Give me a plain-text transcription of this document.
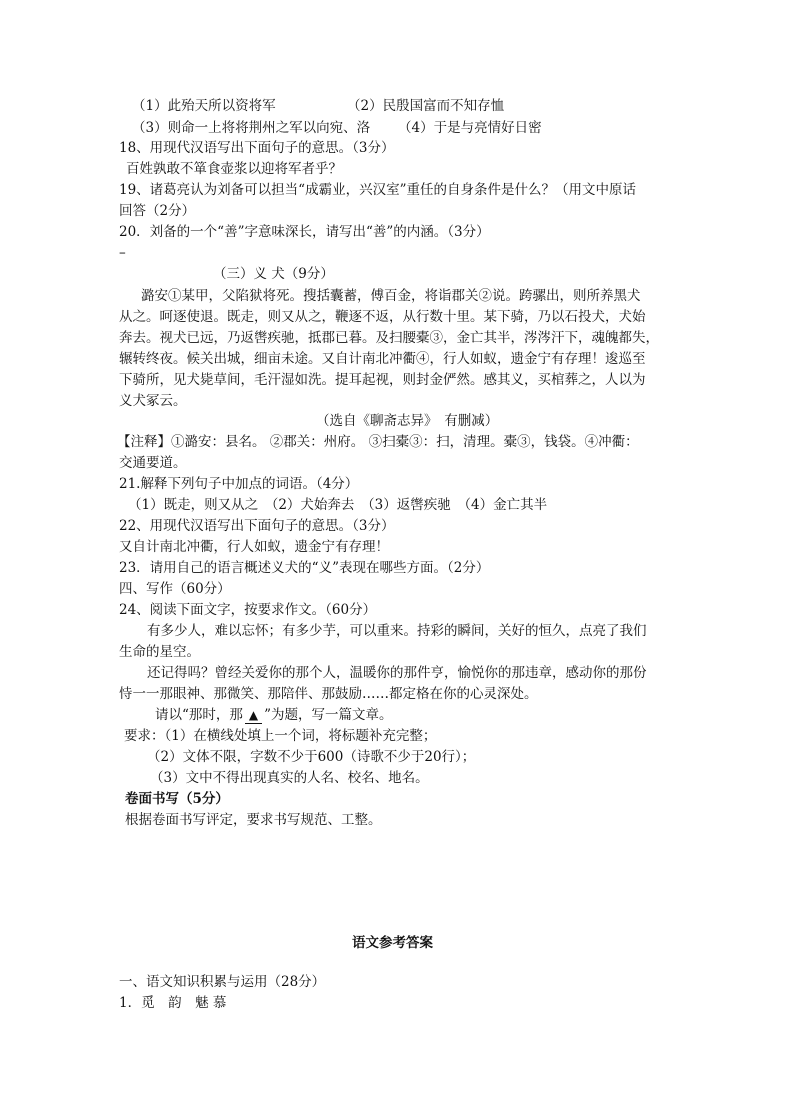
（1）此殆天所以资将军	（2）民殷国富而不知存恤
（3）则命一上将将荆州之军以向宛、洛 （4）于是与亮情好日密
18、用现代汉语写出下面句子的意思。（3分）
百姓孰敢不箪食壶浆以迎将军者乎？
19、诸葛亮认为刘备可以担当“成霸业，兴汉室”重任的自身条件是什么？（用文中原话
回答（2分）
20．刘备的一个“善”字意味深长，请写出“善”的内涵。（3分）
–
（三）义 犬（9分）
潞安①某甲，父陷狱将死。搜括囊蓄，傅百金，将诣郡关②说。跨骡出，则所养黑犬
从之。呵逐使退。既走，则又从之，鞭逐不返，从行数十里。某下骑，乃以石投犬，犬始
奔去。视犬已远，乃返辔疾驰，抵郡已暮。及扫腰橐③，金亡其半，涔涔汗下，魂魄都失，
辗转终夜。候关出城，细亩未途。又自计南北冲衢④，行人如蚁，遗金宁有存理！逡巡至
下骑所，见犬毙草间，毛汗湿如洗。提耳起视，则封金俨然。感其义，买棺葬之，人以为
义犬冢云。
（选自《聊斋志异》　有删减）
【注释】①潞安：县名。 ②郡关：州府。 ③扫橐③：扫，清理。橐③，钱袋。④冲衢：
交通要道。
21.解释下列句子中加点的词语。（4分）
（1）既走，则又从之　（2）犬始奔去　（3）返辔疾驰　（4）金亡其半
22、用现代汉语写出下面句子的意思。（3分）
又自计南北冲衢，行人如蚁，遗金宁有存理！
23．请用自己的语言概述义犬的“义”表现在哪些方面。（2分）
四、写作（60分）
24、阅读下面文字，按要求作文。（60分）
有多少人，难以忘怀；有多少芋，可以重来。持彩的瞬间，关好的恒久，点亮了我们
生命的星空。
还记得吗？曾经关爱你的那个人，温暖你的那件亨，愉悦你的那违章，感动你的那份
恃一一那眼神、那微笑、那陪伴、那鼓励……都定格在你的心灵深处。
请以“那时，那 ▲ ”为题，写一篇文章。
要求：（1）在横线处填上一个词，将标题补充完整；
（2）文体不限，字数不少于600（诗歌不少于20行）；
（3）文中不得出现真实的人名、校名、地名。
卷面书写（5分）
根据卷面书写评定，要求书写规范、工整。
语文参考答案
一、语文知识积累与运用（28分）
1．觅　韵　魅 慕
